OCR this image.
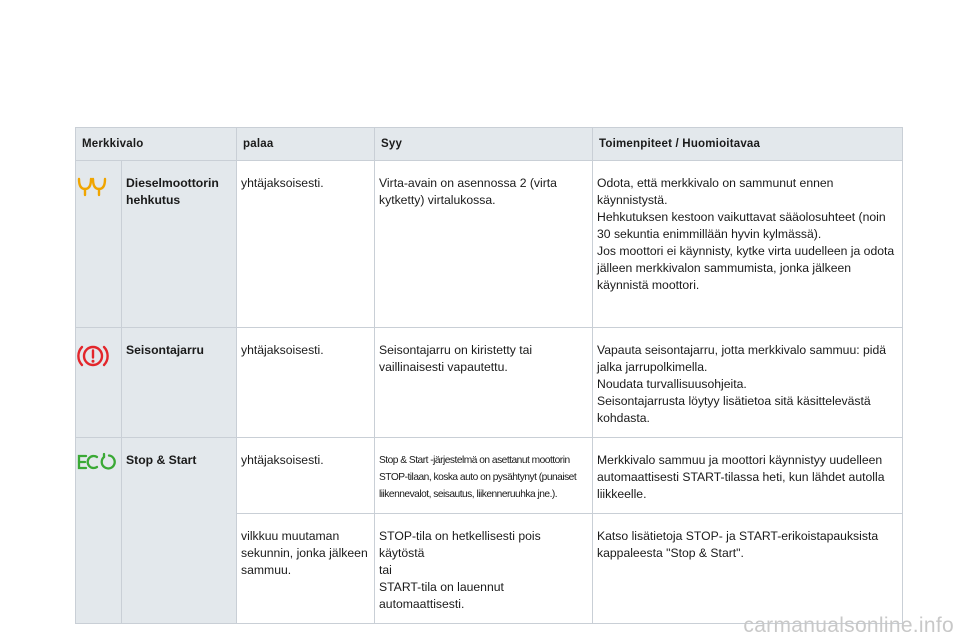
Merkkivalo		palaa	Syy	Toimenpiteet / Huomioitavaa
	Dieselmoottorin hehkutus	yhtäjaksoisesti.	Virta-avain on asennossa 2 (virta kytketty) virtalukossa.	Odota, että merkkivalo on sammunut ennen käynnistystä.
Hehkutuksen kestoon vaikuttavat sääolosuhteet (noin 30 sekuntia enimmillään hyvin kylmässä).
Jos moottori ei käynnisty, kytke virta uudelleen ja odota jälleen merkkivalon sammumista, jonka jälkeen käynnistä moottori.

	Seisontajarru	yhtäjaksoisesti.	Seisontajarru on kiristetty tai vaillinaisesti vapautettu.	Vapauta seisontajarru, jotta merkkivalo sammuu: pidä jalka jarrupolkimella.
Noudata turvallisuusohjeita.
Seisontajarrusta löytyy lisätietoa sitä käsittelevästä kohdasta.

	Stop & Start	yhtäjaksoisesti.	Stop & Start -järjestelmä on asettanut moottorin STOP-tilaan, koska auto on pysähtynyt (punaiset liikennevalot, seisautus, liikenneruuhka jne.).	Merkkivalo sammuu ja moottori käynnistyy uudelleen automaattisesti START-tilassa heti, kun lähdet autolla liikkeelle.

		vilkkuu muutaman sekunnin, jonka jälkeen sammuu.	STOP-tila on hetkellisesti pois käytöstä
tai
START-tila on lauennut automaattisesti.	Katso lisätietoja STOP- ja START-erikoistapauksista kappaleesta "Stop & Start".
carmanualsonline.info
